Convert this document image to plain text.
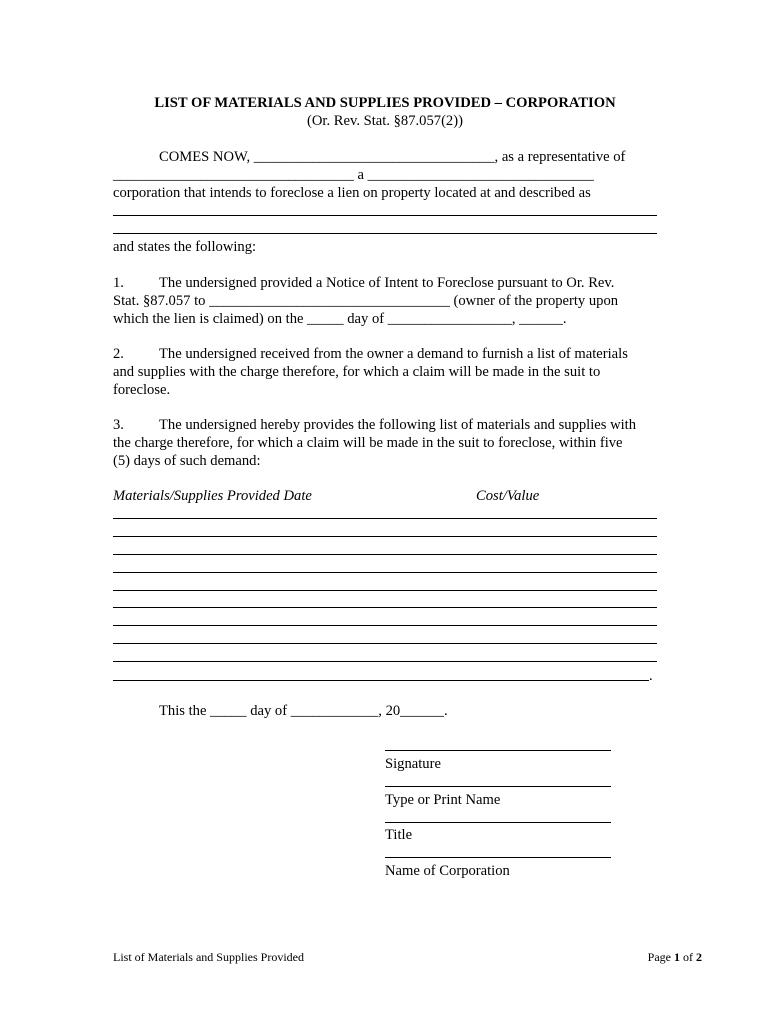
LIST OF MATERIALS AND SUPPLIES PROVIDED – CORPORATION
(Or. Rev. Stat. §87.057(2))
COMES NOW, _________________________________, as a representative of
_________________________________ a _______________________________
corporation that intends to foreclose a lien on property located at and described as
and states the following:
1. The undersigned provided a Notice of Intent to Foreclose pursuant to Or. Rev.
Stat. §87.057 to _________________________________ (owner of the property upon
which the lien is claimed) on the _____ day of _________________, ______.
2. The undersigned received from the owner a demand to furnish a list of materials
and supplies with the charge therefore, for which a claim will be made in the suit to
foreclose.
3. The undersigned hereby provides the following list of materials and supplies with
the charge therefore, for which a claim will be made in the suit to foreclose, within five
(5) days of such demand:
Materials/Supplies Provided Date	Cost/Value
.
This the _____ day of ____________, 20______.
Signature
Type or Print Name
Title
Name of Corporation
List of Materials and Supplies Provided	Page 1 of 2
